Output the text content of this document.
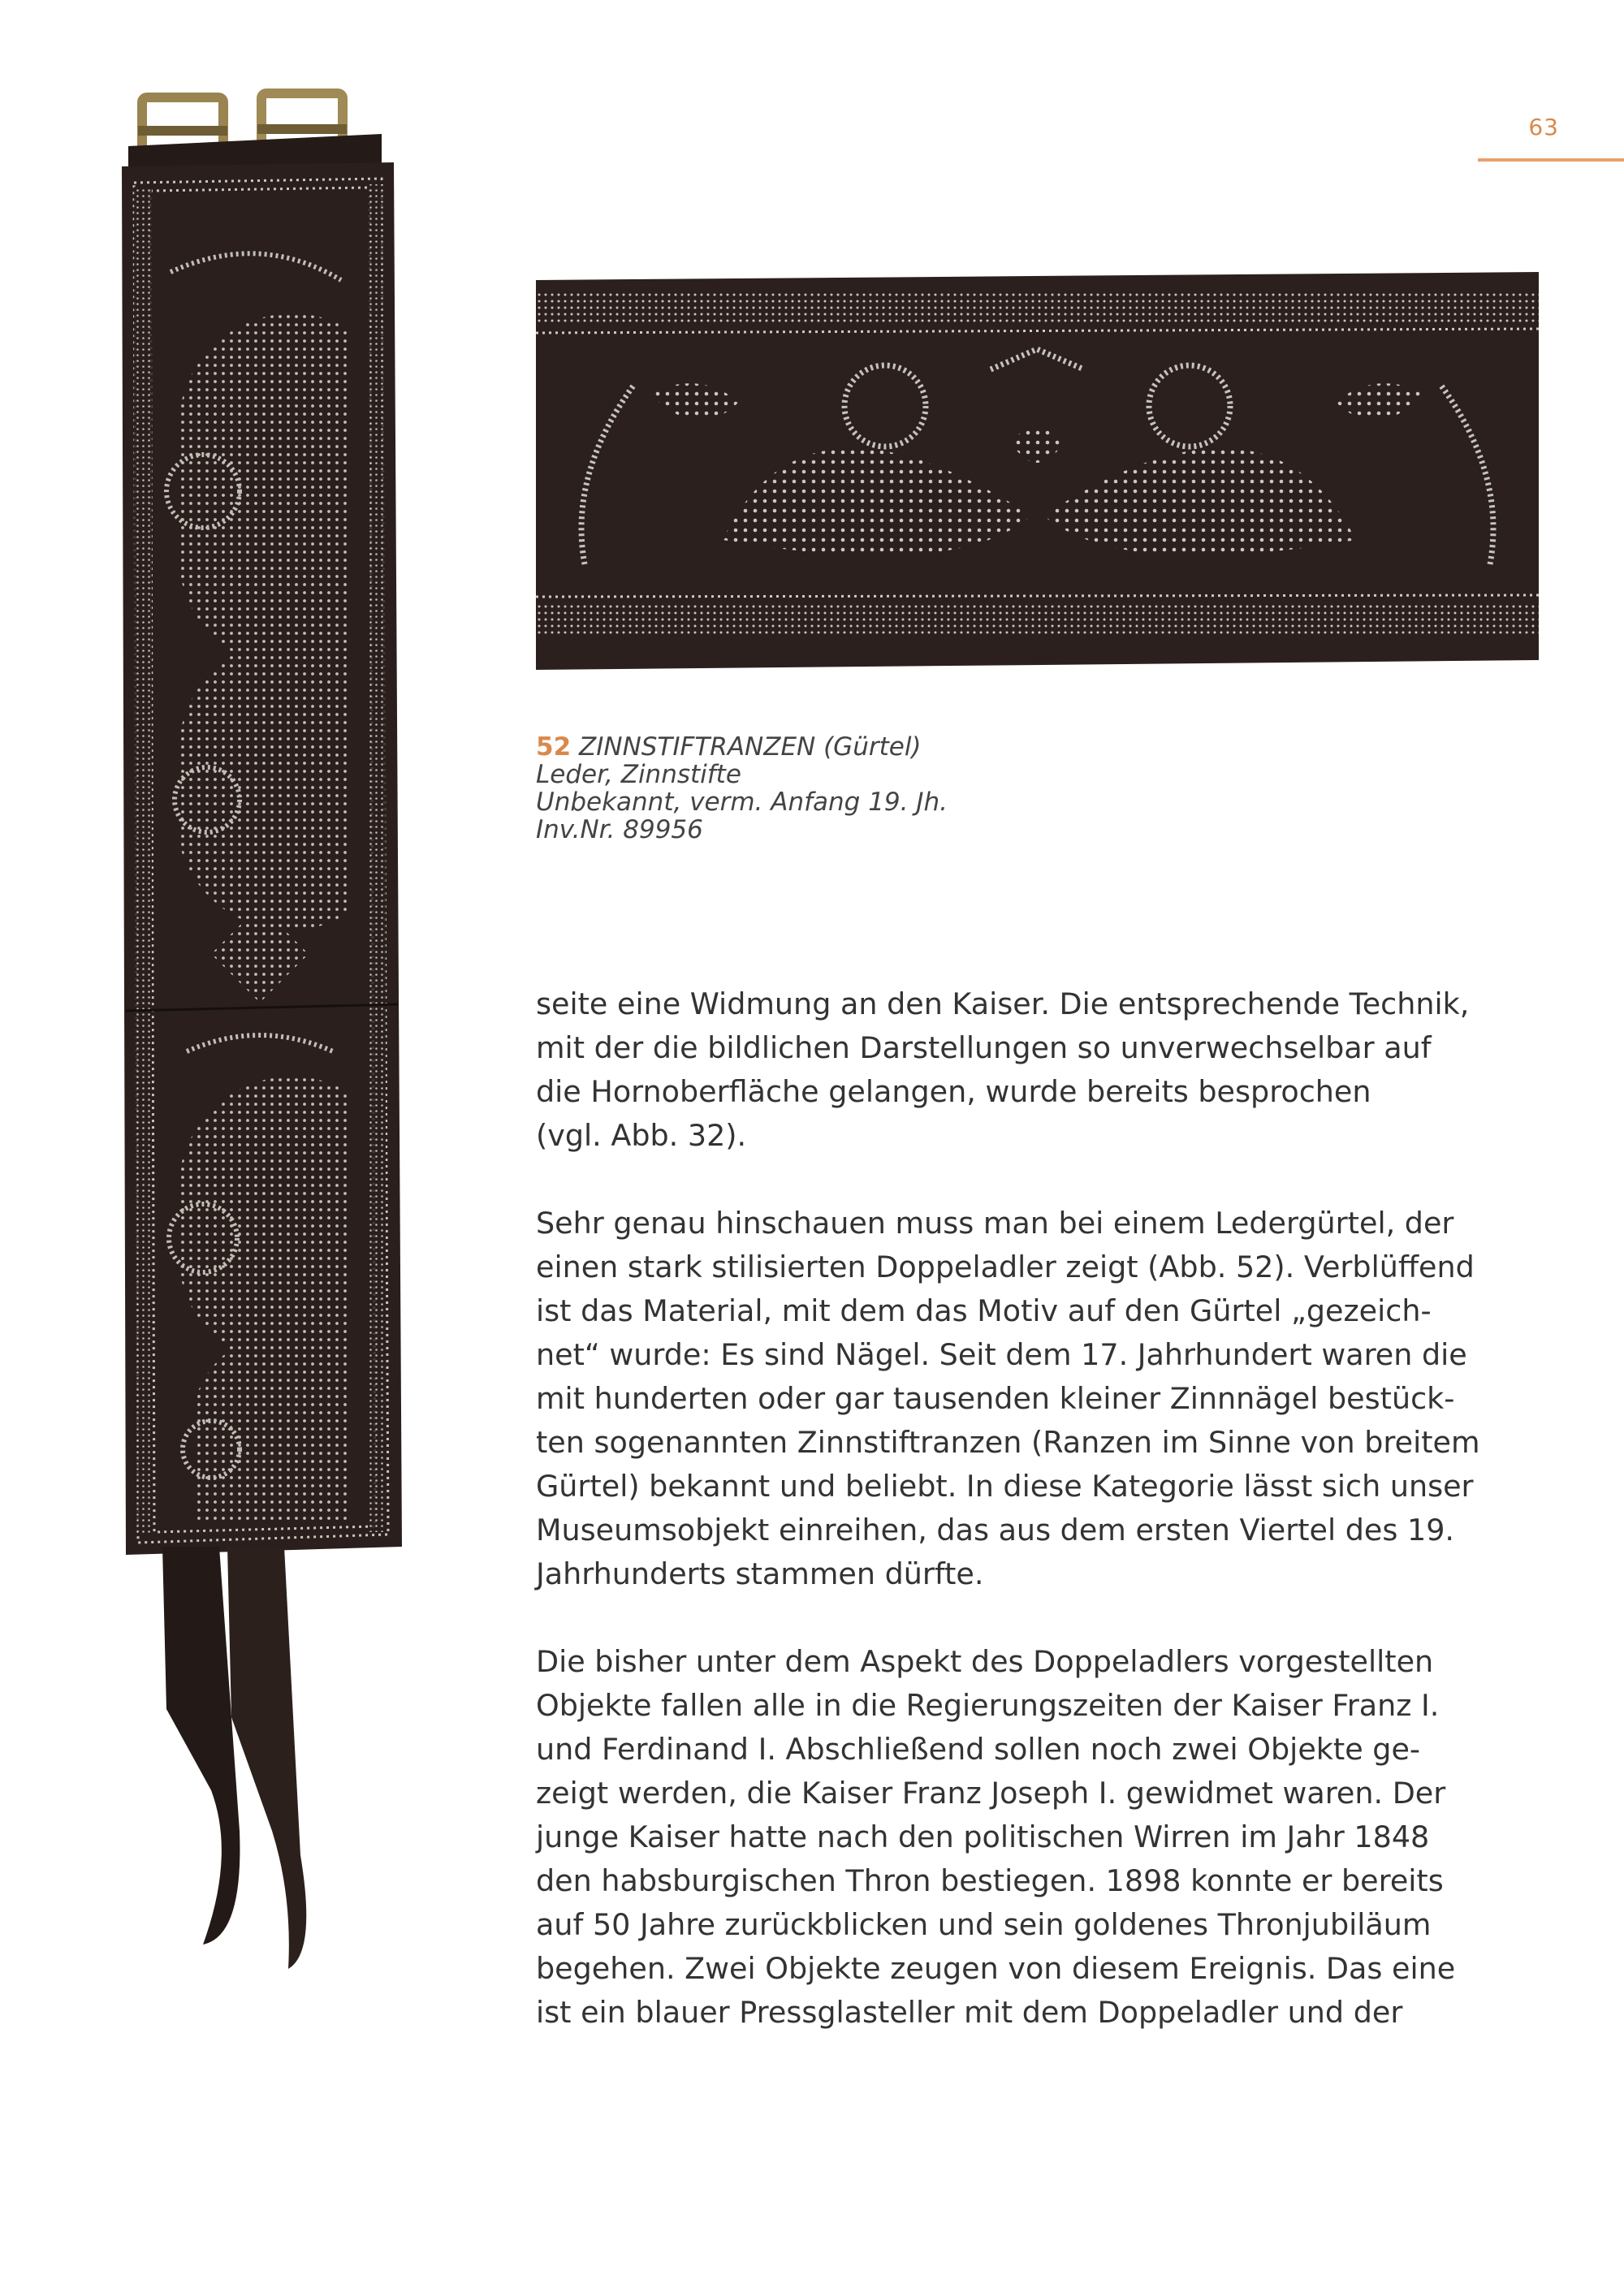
63
52 ZINNSTIFTRANZEN (Gürtel)
Leder, Zinnstifte
Unbekannt, verm. Anfang 19. Jh.
Inv.Nr. 89956

seite eine Widmung an den Kaiser. Die entsprechende Technik,
mit der die bildlichen Darstellungen so unverwechselbar auf
die Hornoberfläche gelangen, wurde bereits besprochen
(vgl. Abb. 32).

Sehr genau hinschauen muss man bei einem Ledergürtel, der
einen stark stilisierten Doppeladler zeigt (Abb. 52). Verblüffend
ist das Material, mit dem das Motiv auf den Gürtel „gezeich-
net“ wurde: Es sind Nägel. Seit dem 17. Jahrhundert waren die
mit hunderten oder gar tausenden kleiner Zinnnägel bestück-
ten sogenannten Zinnstiftranzen (Ranzen im Sinne von breitem
Gürtel) bekannt und beliebt. In diese Kategorie lässt sich unser
Museumsobjekt einreihen, das aus dem ersten Viertel des 19.
Jahrhunderts stammen dürfte.

Die bisher unter dem Aspekt des Doppeladlers vorgestellten
Objekte fallen alle in die Regierungszeiten der Kaiser Franz I.
und Ferdinand I. Abschließend sollen noch zwei Objekte ge-
zeigt werden, die Kaiser Franz Joseph I. gewidmet waren. Der
junge Kaiser hatte nach den politischen Wirren im Jahr 1848
den habsburgischen Thron bestiegen. 1898 konnte er bereits
auf 50 Jahre zurückblicken und sein goldenes Thronjubiläum
begehen. Zwei Objekte zeugen von diesem Ereignis. Das eine
ist ein blauer Pressglasteller mit dem Doppeladler und der
